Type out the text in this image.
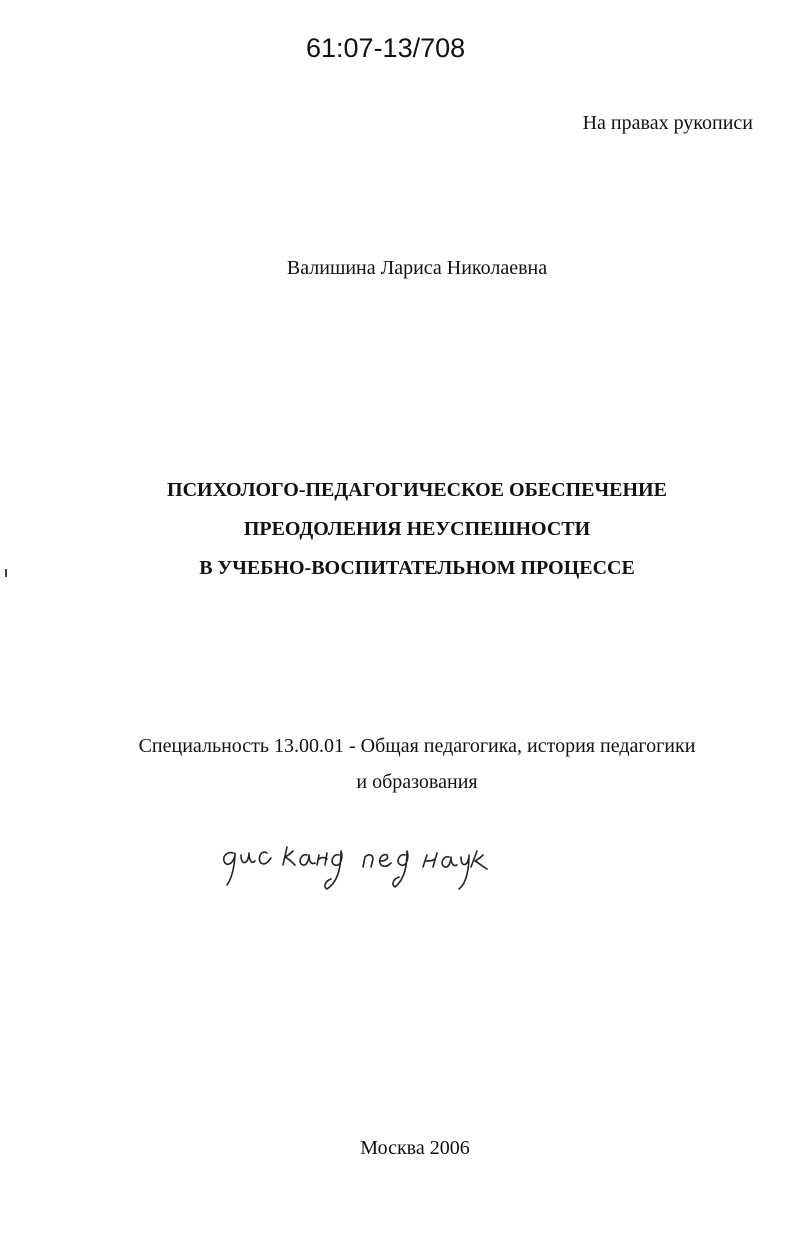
61:07-13/708
На правах рукописи
Валишина Лариса Николаевна
ПСИХОЛОГО-ПЕДАГОГИЧЕСКОЕ ОБЕСПЕЧЕНИЕ
ПРЕОДОЛЕНИЯ НЕУСПЕШНОСТИ
В УЧЕБНО-ВОСПИТАТЕЛЬНОМ ПРОЦЕССЕ
Специальность 13.00.01 - Общая педагогика, история педагогики
и образования
Москва 2006
